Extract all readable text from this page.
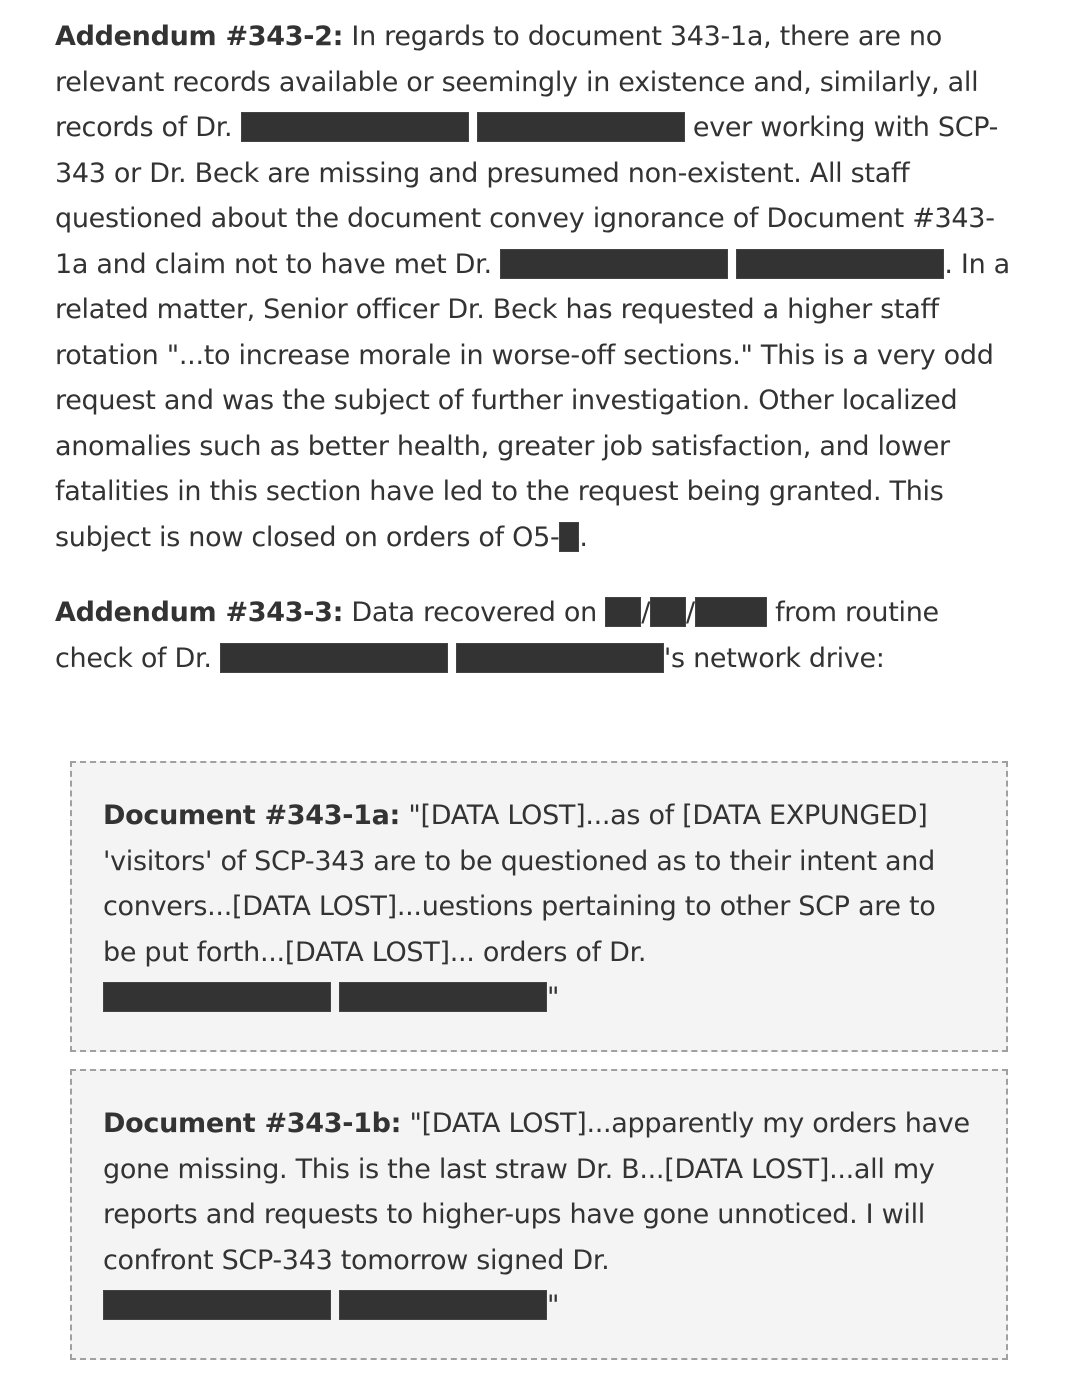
Addendum #343-2: In regards to document 343-1a, there are no relevant records available or seemingly in existence and, similarly, all records of Dr.	ever working with SCP-343 or Dr. Beck are missing and presumed non-existent. All staff questioned about the document convey ignorance of Document #343-1a and claim not to have met Dr.	. In a related matter, Senior officer Dr. Beck has requested a higher staff rotation "...to increase morale in worse-off sections." This is a very odd request and was the subject of further investigation. Other localized anomalies such as better health, greater job satisfaction, and lower fatalities in this section have led to the request being granted. This subject is now closed on orders of O5- .

Addendum #343-3: Data recovered on / /	from routine check of Dr.	's network drive:

Document #343-1a: "[DATA LOST]...as of [DATA EXPUNGED] 'visitors' of SCP-343 are to be questioned as to their intent and convers...[DATA LOST]...uestions pertaining to other SCP are to be put forth...[DATA LOST]... orders of Dr.
"

Document #343-1b: "[DATA LOST]...apparently my orders have gone missing. This is the last straw Dr. B...[DATA LOST]...all my reports and requests to higher-ups have gone unnoticed. I will confront SCP-343 tomorrow signed Dr.
"
